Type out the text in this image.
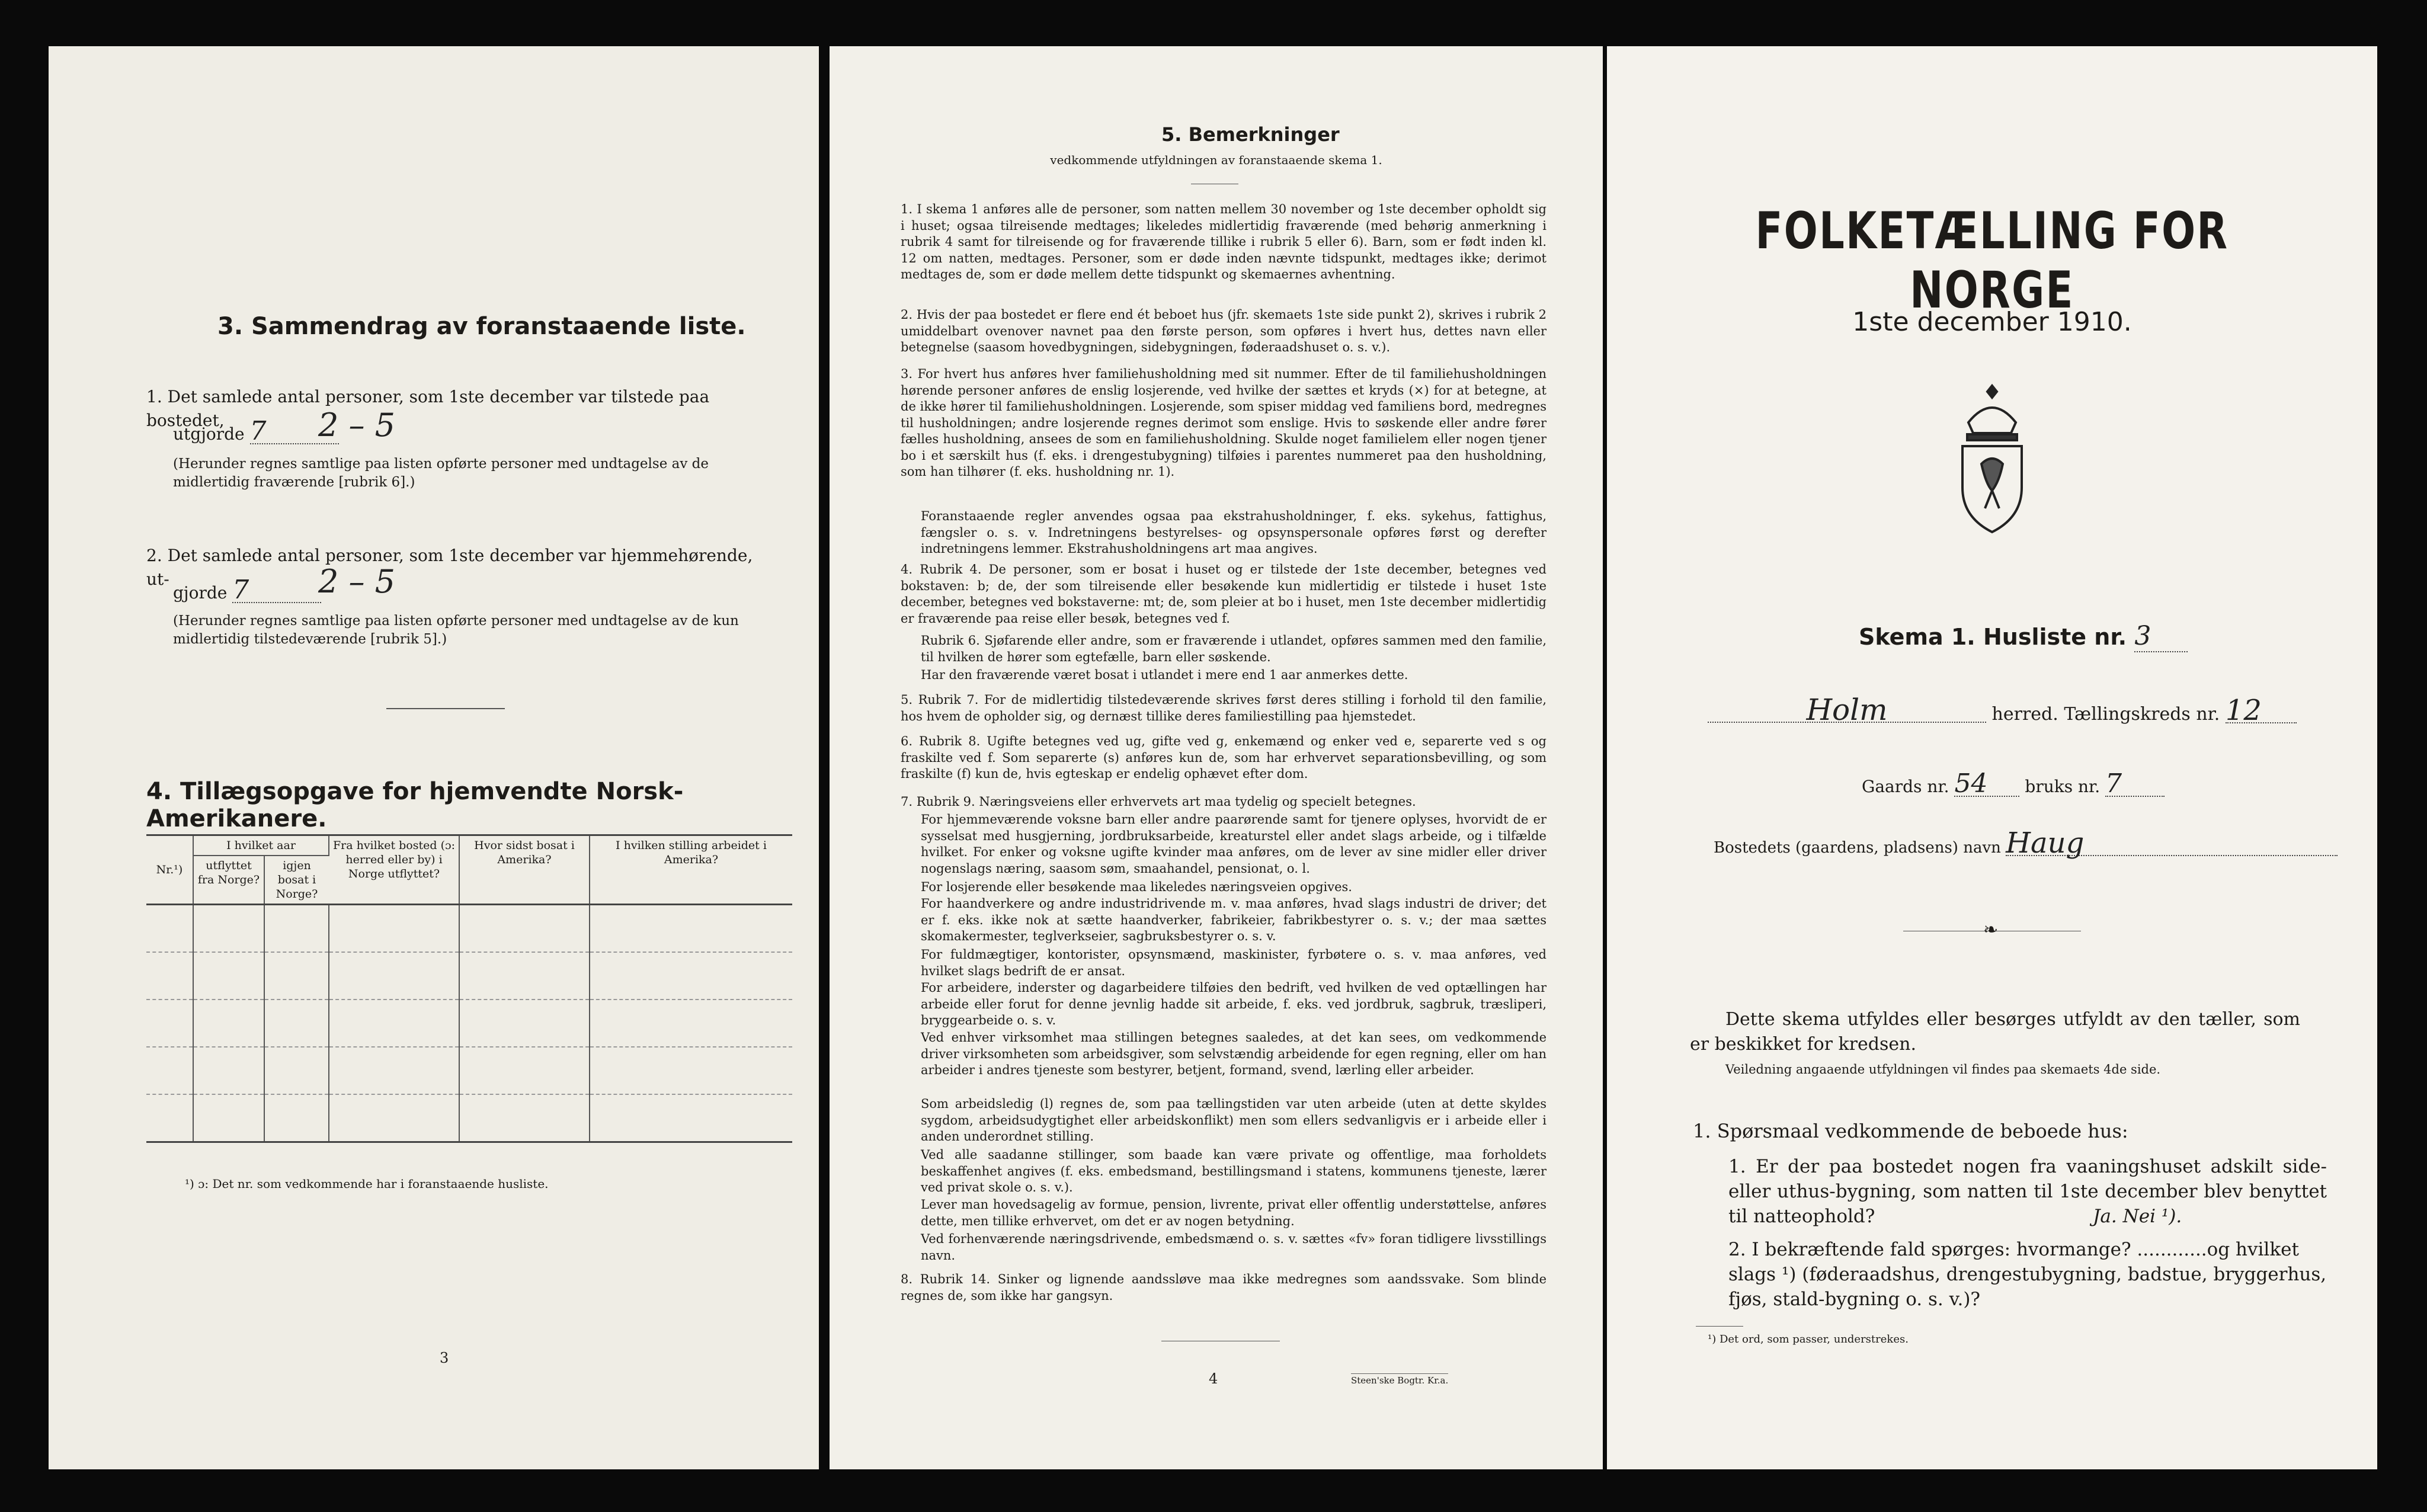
3. Sammendrag av foranstaaende liste.
1. Det samlede antal personer, som 1ste december var tilstede paa bostedet,
utgjorde 7	2 – 5
(Herunder regnes samtlige paa listen opførte personer med undtagelse av de midlertidig fraværende [rubrik 6].)
2. Det samlede antal personer, som 1ste december var hjemmehørende, ut-
gjorde 7	2 – 5
(Herunder regnes samtlige paa listen opførte personer med undtagelse av de kun midlertidig tilstedeværende [rubrik 5].)
4. Tillægsopgave for hjemvendte Norsk-Amerikanere.
Nr.¹)	I hvilket aar		Fra hvilket bosted (ɔ: herred eller by) i Norge utflyttet?	Hvor sidst bosat i Amerika?	I hvilken stilling arbeidet i Amerika?
	utflyttet fra Norge?	igjen bosat i Norge?			

¹) ɔ: Det nr. som vedkommende har i foranstaaende husliste.
3
5. Bemerkninger
vedkommende utfyldningen av foranstaaende skema 1.
1. I skema 1 anføres alle de personer, som natten mellem 30 november og 1ste december opholdt sig i huset; ogsaa tilreisende medtages; likeledes midlertidig fraværende (med behørig anmerkning i rubrik 4 samt for tilreisende og for fraværende tillike i rubrik 5 eller 6). Barn, som er født inden kl. 12 om natten, medtages. Personer, som er døde inden nævnte tidspunkt, medtages ikke; derimot medtages de, som er døde mellem dette tidspunkt og skemaernes avhentning.
2. Hvis der paa bostedet er flere end ét beboet hus (jfr. skemaets 1ste side punkt 2), skrives i rubrik 2 umiddelbart ovenover navnet paa den første person, som opføres i hvert hus, dettes navn eller betegnelse (saasom hovedbygningen, sidebygningen, føderaadshuset o. s. v.).
3. For hvert hus anføres hver familiehusholdning med sit nummer. Efter de til familiehusholdningen hørende personer anføres de enslig losjerende, ved hvilke der sættes et kryds (×) for at betegne, at de ikke hører til familiehusholdningen. Losjerende, som spiser middag ved familiens bord, medregnes til husholdningen; andre losjerende regnes derimot som enslige. Hvis to søskende eller andre fører fælles husholdning, ansees de som en familiehusholdning. Skulde noget familielem eller nogen tjener bo i et særskilt hus (f. eks. i drengestubygning) tilføies i parentes nummeret paa den husholdning, som han tilhører (f. eks. husholdning nr. 1).
Foranstaaende regler anvendes ogsaa paa ekstrahusholdninger, f. eks. sykehus, fattighus, fængsler o. s. v. Indretningens bestyrelses- og opsynspersonale opføres først og derefter indretningens lemmer. Ekstrahusholdningens art maa angives.
4. Rubrik 4. De personer, som er bosat i huset og er tilstede der 1ste december, betegnes ved bokstaven: b; de, der som tilreisende eller besøkende kun midlertidig er tilstede i huset 1ste december, betegnes ved bokstaverne: mt; de, som pleier at bo i huset, men 1ste december midlertidig er fraværende paa reise eller besøk, betegnes ved f.
Rubrik 6. Sjøfarende eller andre, som er fraværende i utlandet, opføres sammen med den familie, til hvilken de hører som egtefælle, barn eller søskende.
Har den fraværende været bosat i utlandet i mere end 1 aar anmerkes dette.
5. Rubrik 7. For de midlertidig tilstedeværende skrives først deres stilling i forhold til den familie, hos hvem de opholder sig, og dernæst tillike deres familiestilling paa hjemstedet.
6. Rubrik 8. Ugifte betegnes ved ug, gifte ved g, enkemænd og enker ved e, separerte ved s og fraskilte ved f. Som separerte (s) anføres kun de, som har erhvervet separationsbevilling, og som fraskilte (f) kun de, hvis egteskap er endelig ophævet efter dom.
7. Rubrik 9. Næringsveiens eller erhvervets art maa tydelig og specielt betegnes.
For hjemmeværende voksne barn eller andre paarørende samt for tjenere oplyses, hvorvidt de er sysselsat med husgjerning, jordbruksarbeide, kreaturstel eller andet slags arbeide, og i tilfælde hvilket. For enker og voksne ugifte kvinder maa anføres, om de lever av sine midler eller driver nogenslags næring, saasom søm, smaahandel, pensionat, o. l.
For losjerende eller besøkende maa likeledes næringsveien opgives.
For haandverkere og andre industridrivende m. v. maa anføres, hvad slags industri de driver; det er f. eks. ikke nok at sætte haandverker, fabrikeier, fabrikbestyrer o. s. v.; der maa sættes skomakermester, teglverkseier, sagbruksbestyrer o. s. v.
For fuldmægtiger, kontorister, opsynsmænd, maskinister, fyrbøtere o. s. v. maa anføres, ved hvilket slags bedrift de er ansat.
For arbeidere, inderster og dagarbeidere tilføies den bedrift, ved hvilken de ved optællingen har arbeide eller forut for denne jevnlig hadde sit arbeide, f. eks. ved jordbruk, sagbruk, træsliperi, bryggearbeide o. s. v.
Ved enhver virksomhet maa stillingen betegnes saaledes, at det kan sees, om vedkommende driver virksomheten som arbeidsgiver, som selvstændig arbeidende for egen regning, eller om han arbeider i andres tjeneste som bestyrer, betjent, formand, svend, lærling eller arbeider.
Som arbeidsledig (l) regnes de, som paa tællingstiden var uten arbeide (uten at dette skyldes sygdom, arbeidsudygtighet eller arbeidskonflikt) men som ellers sedvanligvis er i arbeide eller i anden underordnet stilling.
Ved alle saadanne stillinger, som baade kan være private og offentlige, maa forholdets beskaffenhet angives (f. eks. embedsmand, bestillingsmand i statens, kommunens tjeneste, lærer ved privat skole o. s. v.).
Lever man hovedsagelig av formue, pension, livrente, privat eller offentlig understøttelse, anføres dette, men tillike erhvervet, om det er av nogen betydning.
Ved forhenværende næringsdrivende, embedsmænd o. s. v. sættes «fv» foran tidligere livsstillings navn.
8. Rubrik 14. Sinker og lignende aandssløve maa ikke medregnes som aandssvake. Som blinde regnes de, som ikke har gangsyn.
4	Steen'ske Bogtr. Kr.a.
FOLKETÆLLING FOR NORGE
1ste december 1910.
Skema 1. Husliste nr. 3
Holm	herred. Tællingskreds nr. 12
Gaards nr. 54 bruks nr. 7
Bostedets (gaardens, pladsens) navn Haug
❧
Dette skema utfyldes eller besørges utfyldt av den tæller, som er beskikket for kredsen.
Veiledning angaaende utfyldningen vil findes paa skemaets 4de side.
1. Spørsmaal vedkommende de beboede hus:
1. Er der paa bostedet nogen fra vaaningshuset adskilt side- eller uthus-bygning, som natten til 1ste december blev benyttet til natteophold?	Ja. Nei ¹).
2. I bekræftende fald spørges: hvormange? ............og hvilket slags ¹) (føderaadshus, drengestubygning, badstue, bryggerhus, fjøs, stald-bygning o. s. v.)?
¹) Det ord, som passer, understrekes.
